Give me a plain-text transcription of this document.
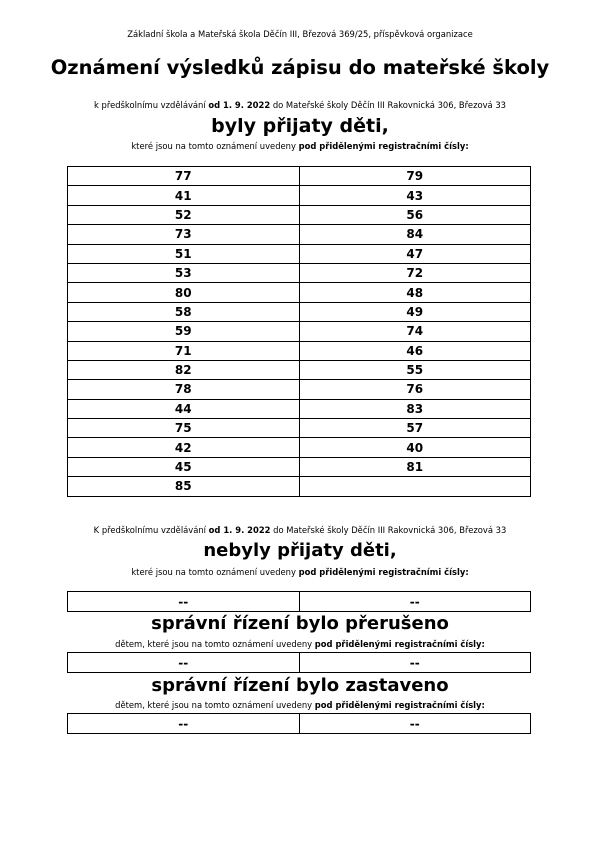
Základní škola a Mateřská škola Děčín III, Březová 369/25, příspěvková organizace
Oznámení výsledků zápisu do mateřské školy
k předškolnímu vzdělávání od 1. 9. 2022 do Mateřské školy Děčín III Rakovnická 306, Březová 33
byly přijaty děti,
které jsou na tomto oznámení uvedeny pod přidělenými registračními čísly:
77	79
41	43
52	56
73	84
51	47
53	72
80	48
58	49
59	74
71	46
82	55
78	76
44	83
75	57
42	40
45	81
85	
K předškolnímu vzdělávání od 1. 9. 2022 do Mateřské školy Děčín III Rakovnická 306, Březová 33
nebyly přijaty děti,
které jsou na tomto oznámení uvedeny pod přidělenými registračními čísly:
--	--
správní řízení bylo přerušeno
dětem, které jsou na tomto oznámení uvedeny pod přidělenými registračními čísly:
--	--
správní řízení bylo zastaveno
dětem, které jsou na tomto oznámení uvedeny pod přidělenými registračními čísly:
--	--
